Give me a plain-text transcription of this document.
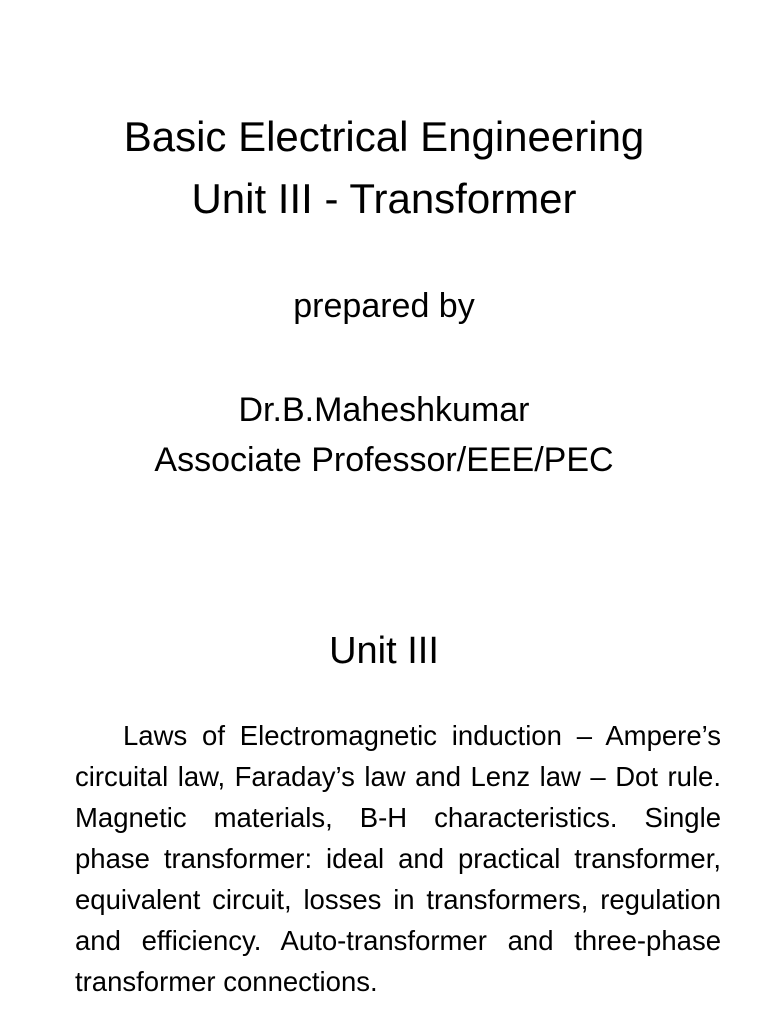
Basic Electrical Engineering
Unit III - Transformer
prepared by
Dr.B.Maheshkumar
Associate Professor/EEE/PEC
Unit III

Laws of Electromagnetic induction – Ampere’s circuital law, Faraday’s law and Lenz law – Dot rule. Magnetic materials, B-H characteristics. Single phase transformer: ideal and practical transformer, equivalent circuit, losses in transformers, regulation and efficiency. Auto-transformer and three-phase transformer connections.
